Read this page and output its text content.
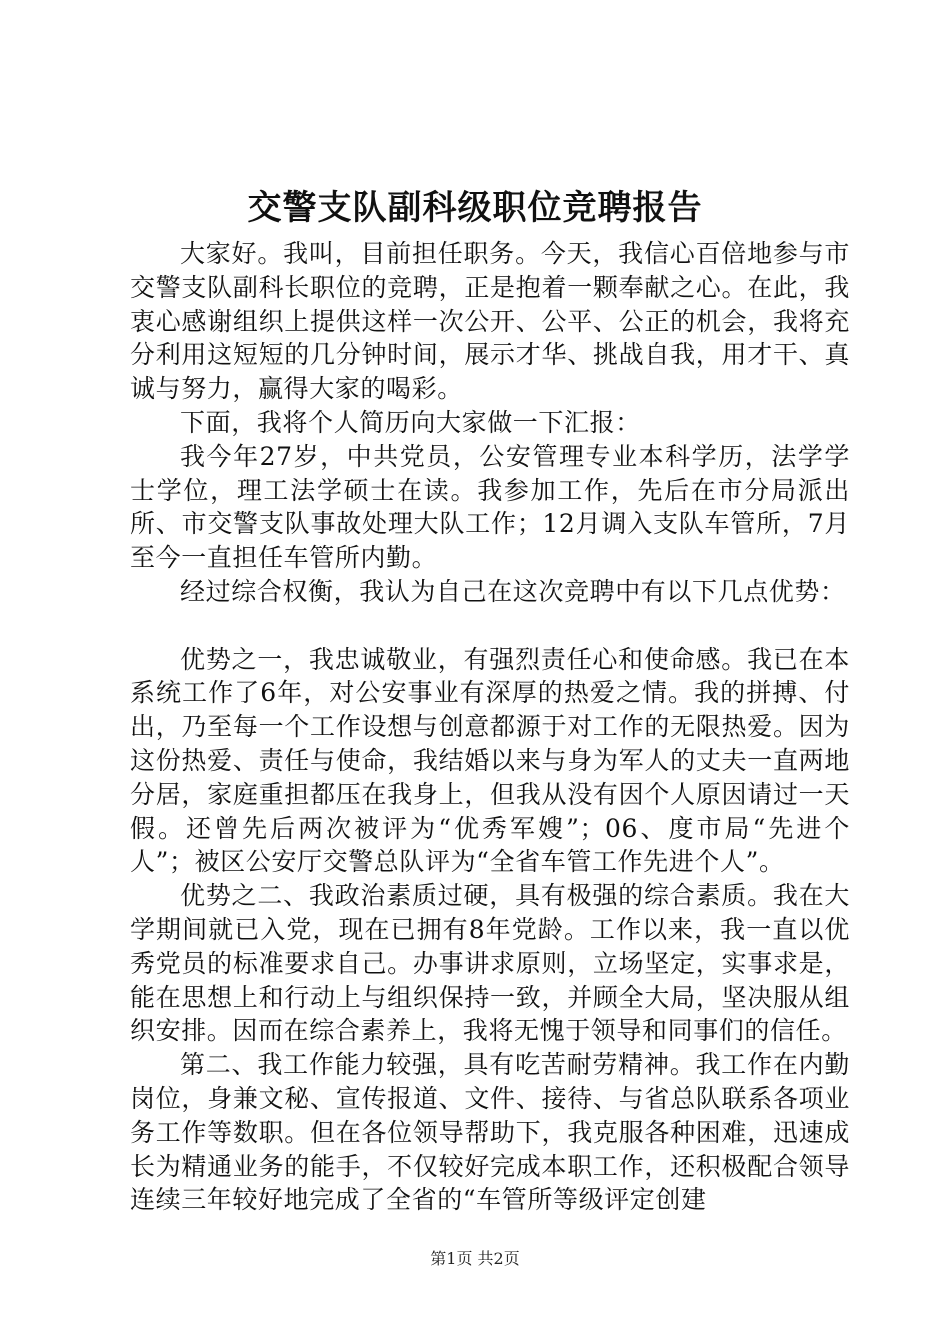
交警支队副科级职位竞聘报告

大家好。我叫，目前担任职务。今天，我信心百倍地参与市交警支队副科长职位的竞聘，正是抱着一颗奉献之心。在此，我衷心感谢组织上提供这样一次公开、公平、公正的机会，我将充分利用这短短的几分钟时间，展示才华、挑战自我，用才干、真诚与努力，赢得大家的喝彩。

下面，我将个人简历向大家做一下汇报：

我今年27岁，中共党员，公安管理专业本科学历，法学学士学位，理工法学硕士在读。我参加工作，先后在市分局派出所、市交警支队事故处理大队工作；12月调入支队车管所，7月至今一直担任车管所内勤。

经过综合权衡，我认为自己在这次竞聘中有以下几点优势：

优势之一，我忠诚敬业，有强烈责任心和使命感。我已在本系统工作了6年，对公安事业有深厚的热爱之情。我的拼搏、付出，乃至每一个工作设想与创意都源于对工作的无限热爱。因为这份热爱、责任与使命，我结婚以来与身为军人的丈夫一直两地分居，家庭重担都压在我身上，但我从没有因个人原因请过一天假。还曾先后两次被评为“优秀军嫂”；06、度市局“先进个人”；被区公安厅交警总队评为“全省车管工作先进个人”。

优势之二、我政治素质过硬，具有极强的综合素质。我在大学期间就已入党，现在已拥有8年党龄。工作以来，我一直以优秀党员的标准要求自己。办事讲求原则，立场坚定，实事求是，能在思想上和行动上与组织保持一致，并顾全大局，坚决服从组织安排。因而在综合素养上，我将无愧于领导和同事们的信任。

第二、我工作能力较强，具有吃苦耐劳精神。我工作在内勤岗位，身兼文秘、宣传报道、文件、接待、与省总队联系各项业务工作等数职。但在各位领导帮助下，我克服各种困难，迅速成长为精通业务的能手，不仅较好完成本职工作，还积极配合领导连续三年较好地完成了全省的“车管所等级评定创建

第1页 共2页
